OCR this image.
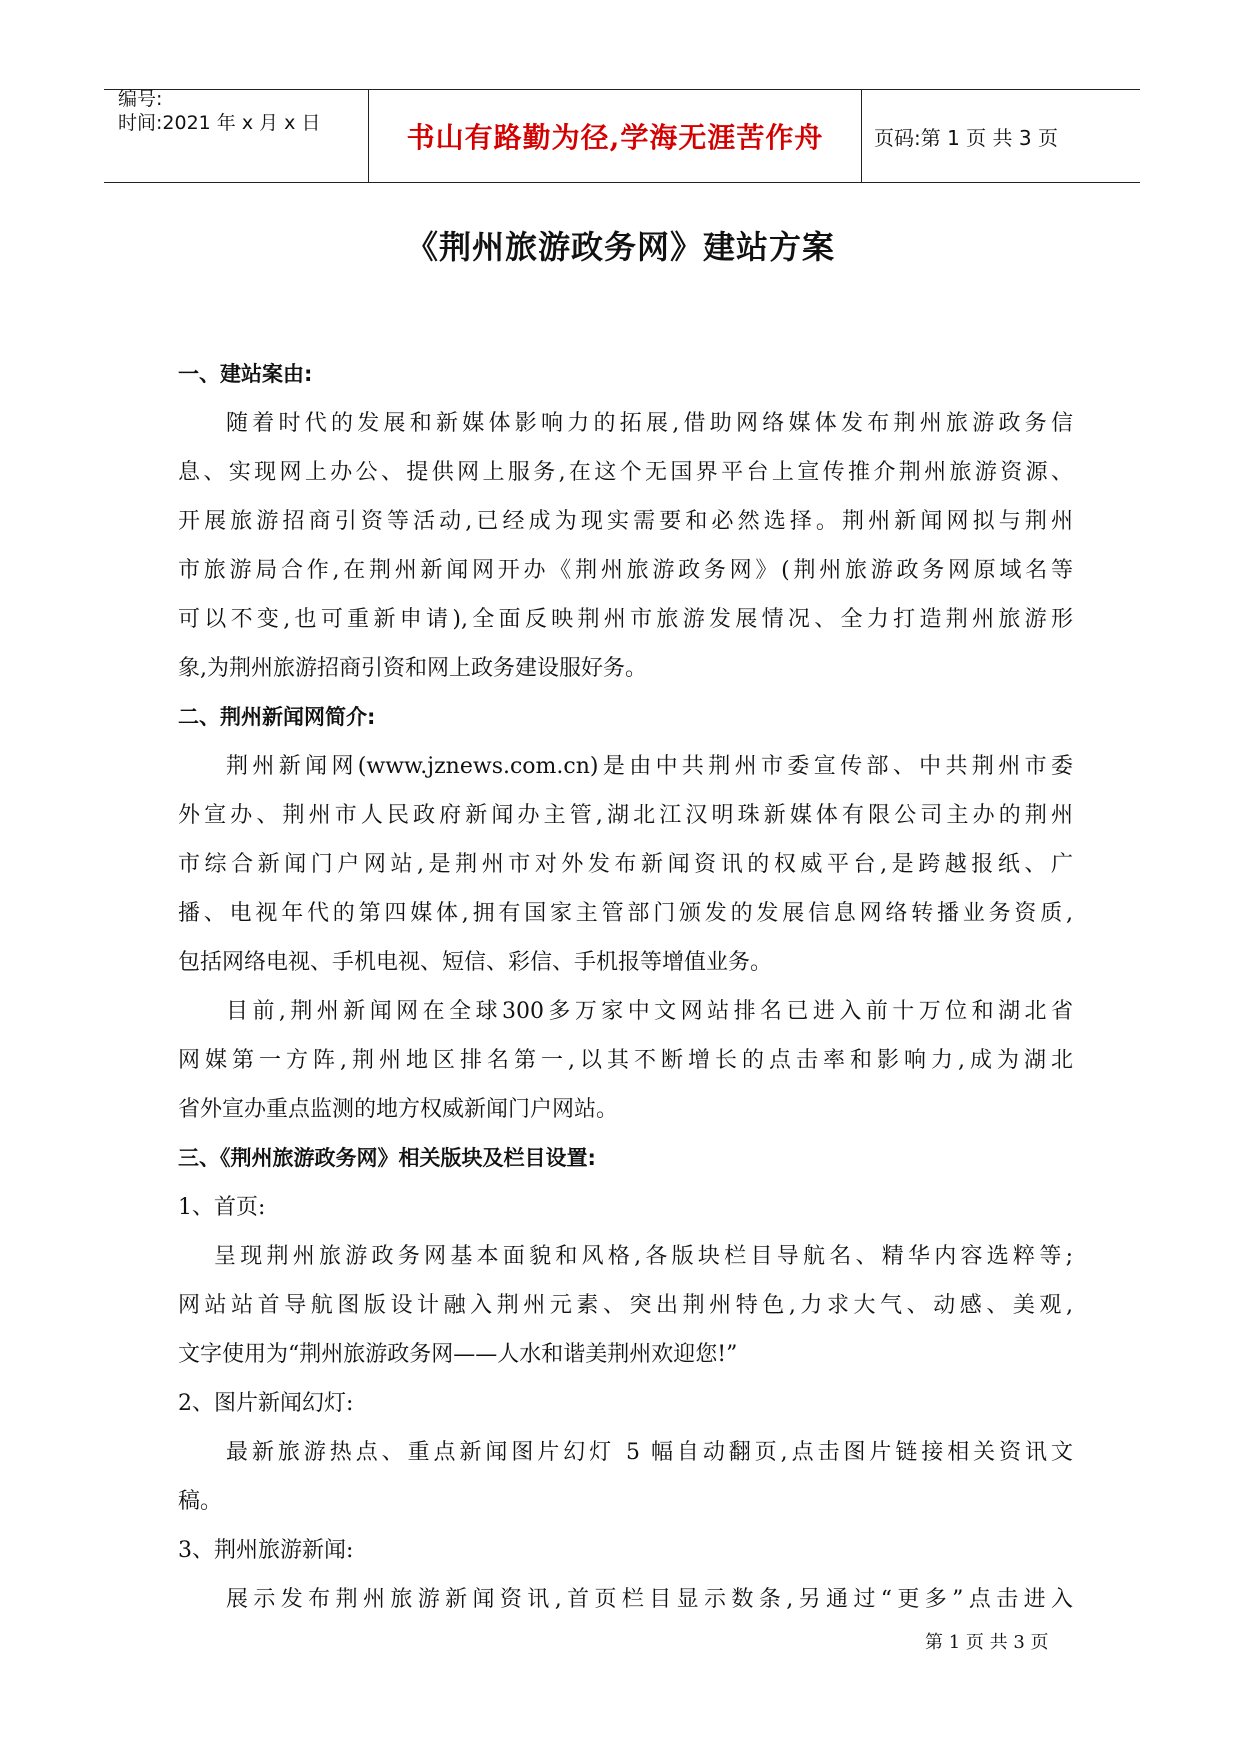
编号:
时间:2021 年 x 月 x 日	书山有路勤为径,学海无涯苦作舟	页码:第 1 页 共 3 页
《荆州旅游政务网》建站方案
一、建站案由:
随着时代的发展和新媒体影响力的拓展,借助网络媒体发布荆州旅游政务信
息、实现网上办公、提供网上服务,在这个无国界平台上宣传推介荆州旅游资源、
开展旅游招商引资等活动,已经成为现实需要和必然选择。荆州新闻网拟与荆州
市旅游局合作,在荆州新闻网开办《荆州旅游政务网》(荆州旅游政务网原域名等
可以不变,也可重新申请),全面反映荆州市旅游发展情况、全力打造荆州旅游形
象,为荆州旅游招商引资和网上政务建设服好务。
二、荆州新闻网简介:
荆州新闻网(www.jznews.com.cn)是由中共荆州市委宣传部、中共荆州市委
外宣办、荆州市人民政府新闻办主管,湖北江汉明珠新媒体有限公司主办的荆州
市综合新闻门户网站,是荆州市对外发布新闻资讯的权威平台,是跨越报纸、广
播、电视年代的第四媒体,拥有国家主管部门颁发的发展信息网络转播业务资质,
包括网络电视、手机电视、短信、彩信、手机报等增值业务。
目前,荆州新闻网在全球300多万家中文网站排名已进入前十万位和湖北省
网媒第一方阵,荆州地区排名第一,以其不断增长的点击率和影响力,成为湖北
省外宣办重点监测的地方权威新闻门户网站。
三、《荆州旅游政务网》相关版块及栏目设置:
1、首页:
呈现荆州旅游政务网基本面貌和风格,各版块栏目导航名、精华内容选粹等;
网站站首导航图版设计融入荆州元素、突出荆州特色,力求大气、动感、美观,
文字使用为“荆州旅游政务网——人水和谐美荆州欢迎您!”
2、图片新闻幻灯:
最新旅游热点、重点新闻图片幻灯 5 幅自动翻页,点击图片链接相关资讯文
稿。
3、荆州旅游新闻:
展示发布荆州旅游新闻资讯,首页栏目显示数条,另通过“更多”点击进入
第 1 页 共 3 页
